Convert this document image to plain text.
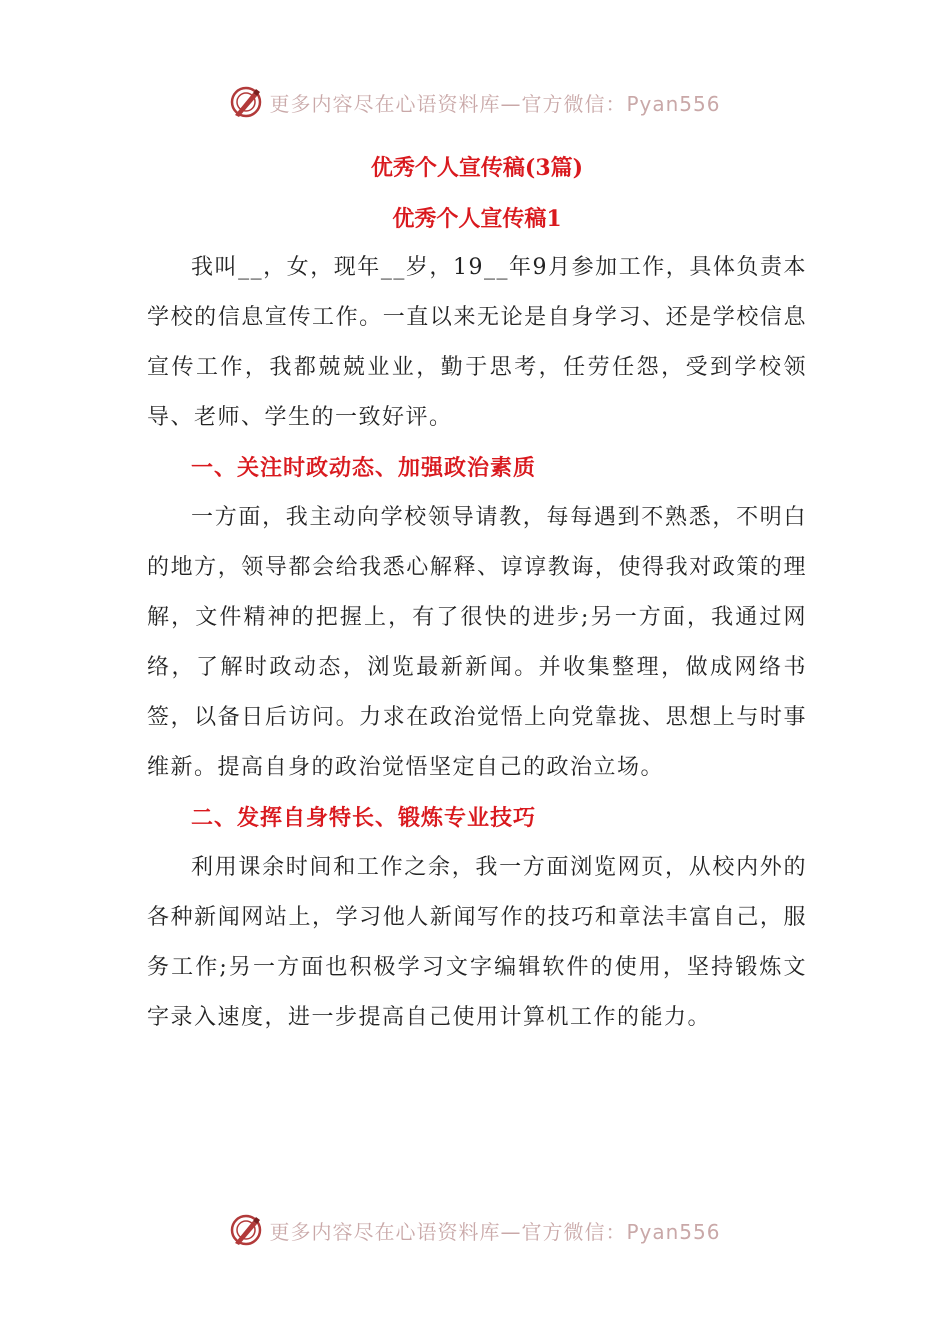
更多内容尽在心语资料库—官方微信：Pyan556

优秀个人宣传稿(3篇)

优秀个人宣传稿1

我叫__，女，现年__岁，19__年9月参加工作，具体负责本学校的信息宣传工作。一直以来无论是自身学习、还是学校信息宣传工作，我都兢兢业业，勤于思考，任劳任怨，受到学校领导、老师、学生的一致好评。

一、关注时政动态、加强政治素质

一方面，我主动向学校领导请教，每每遇到不熟悉，不明白的地方，领导都会给我悉心解释、谆谆教诲，使得我对政策的理解，文件精神的把握上，有了很快的进步;另一方面，我通过网络，了解时政动态，浏览最新新闻。并收集整理，做成网络书签，以备日后访问。力求在政治觉悟上向党靠拢、思想上与时事维新。提高自身的政治觉悟坚定自己的政治立场。

二、发挥自身特长、锻炼专业技巧

利用课余时间和工作之余，我一方面浏览网页，从校内外的各种新闻网站上，学习他人新闻写作的技巧和章法丰富自己，服务工作;另一方面也积极学习文字编辑软件的使用，坚持锻炼文字录入速度，进一步提高自己使用计算机工作的能力。

更多内容尽在心语资料库—官方微信：Pyan556
